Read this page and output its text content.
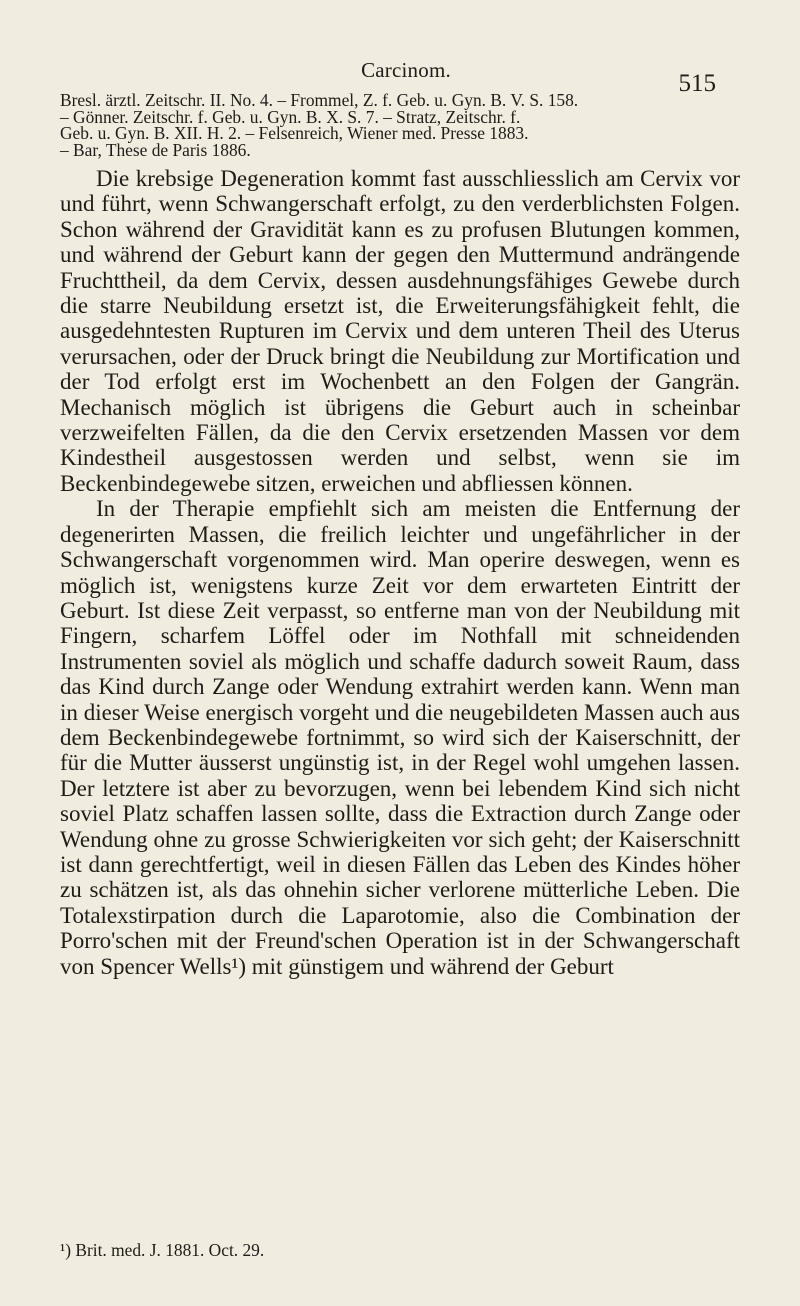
Carcinom.	515
Bresl. ärztl. Zeitschr. II. No. 4. – Frommel, Z. f. Geb. u. Gyn. B. V. S. 158.
– Gönner. Zeitschr. f. Geb. u. Gyn. B. X. S. 7. – Stratz, Zeitschr. f.
Geb. u. Gyn. B. XII. H. 2. – Felsenreich, Wiener med. Presse 1883.
– Bar, These de Paris 1886.

Die krebsige Degeneration kommt fast ausschliesslich am Cervix vor und führt, wenn Schwangerschaft erfolgt, zu den verderblichsten Folgen. Schon während der Gravidität kann es zu profusen Blutungen kommen, und während der Geburt kann der gegen den Muttermund andrängende Fruchttheil, da dem Cervix, dessen ausdehnungsfähiges Gewebe durch die starre Neubildung ersetzt ist, die Erweiterungsfähigkeit fehlt, die ausgedehntesten Rupturen im Cervix und dem unteren Theil des Uterus verursachen, oder der Druck bringt die Neubildung zur Mortification und der Tod erfolgt erst im Wochenbett an den Folgen der Gangrän. Mechanisch möglich ist übrigens die Geburt auch in scheinbar verzweifelten Fällen, da die den Cervix ersetzenden Massen vor dem Kindestheil ausgestossen werden und selbst, wenn sie im Beckenbindegewebe sitzen, erweichen und abfliessen können.

In der Therapie empfiehlt sich am meisten die Entfernung der degenerirten Massen, die freilich leichter und ungefährlicher in der Schwangerschaft vorgenommen wird. Man operire deswegen, wenn es möglich ist, wenigstens kurze Zeit vor dem erwarteten Eintritt der Geburt. Ist diese Zeit verpasst, so entferne man von der Neubildung mit Fingern, scharfem Löffel oder im Nothfall mit schneidenden Instrumenten soviel als möglich und schaffe dadurch soweit Raum, dass das Kind durch Zange oder Wendung extrahirt werden kann. Wenn man in dieser Weise energisch vorgeht und die neugebildeten Massen auch aus dem Beckenbindegewebe fortnimmt, so wird sich der Kaiserschnitt, der für die Mutter äusserst ungünstig ist, in der Regel wohl umgehen lassen. Der letztere ist aber zu bevorzugen, wenn bei lebendem Kind sich nicht soviel Platz schaffen lassen sollte, dass die Extraction durch Zange oder Wendung ohne zu grosse Schwierigkeiten vor sich geht; der Kaiserschnitt ist dann gerechtfertigt, weil in diesen Fällen das Leben des Kindes höher zu schätzen ist, als das ohnehin sicher verlorene mütterliche Leben. Die Totalexstirpation durch die Laparotomie, also die Combination der Porro'schen mit der Freund'schen Operation ist in der Schwangerschaft von Spencer Wells¹) mit günstigem und während der Geburt

¹) Brit. med. J. 1881. Oct. 29.
